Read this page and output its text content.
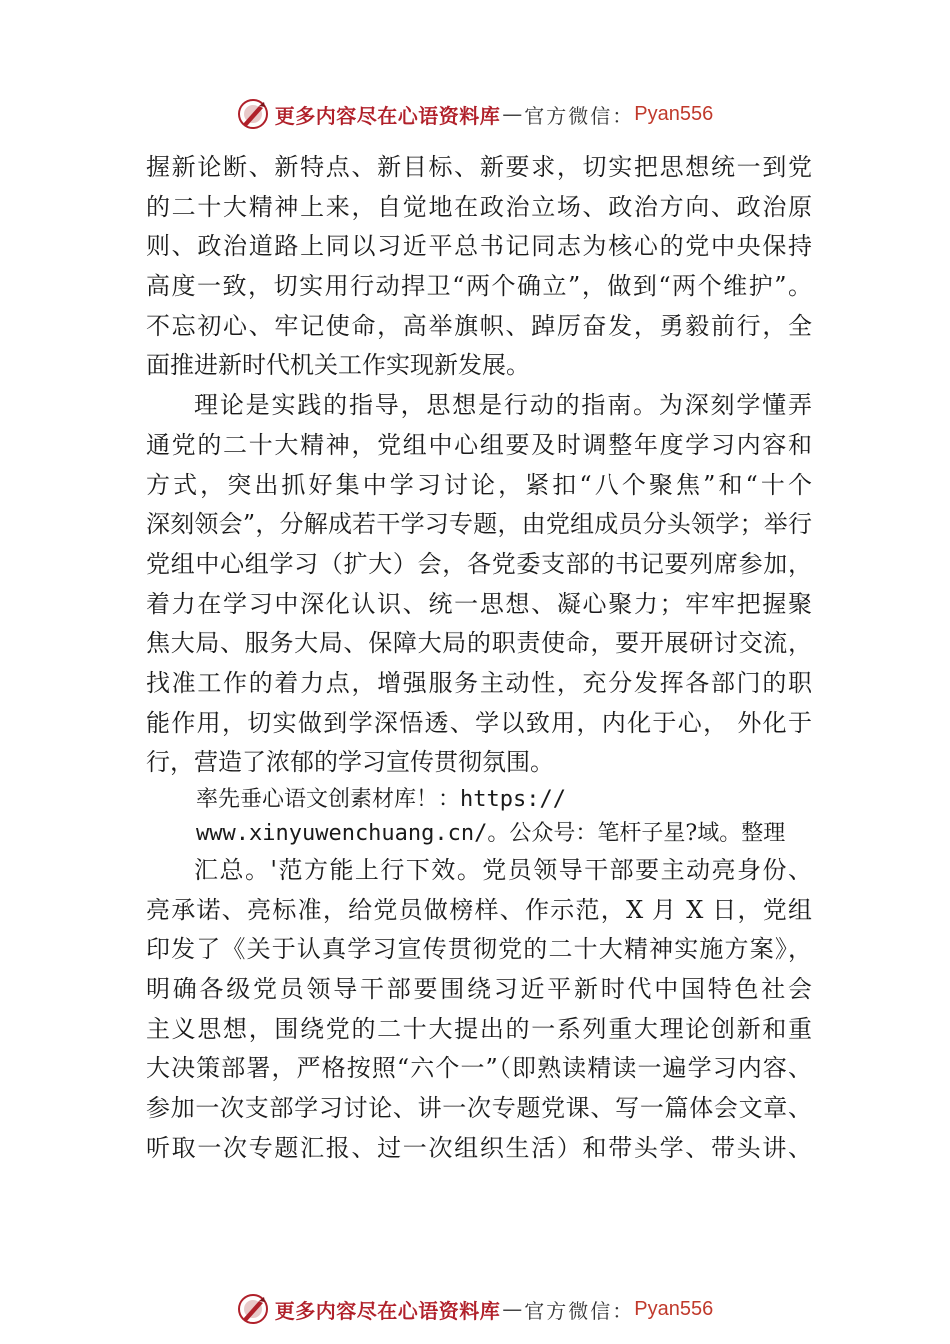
更多内容尽在心语资料库 — 官方微信： Pyan556
握新论断、新特点、新目标、新要求，切实把思想统一到党
的二十大精神上来，自觉地在政治立场、政治方向、政治原
则、政治道路上同以习近平总书记同志为核心的党中央保持
高度一致，切实用行动捍卫“两个确立”，做到“两个维护”。
不忘初心、牢记使命，高举旗帜、踔厉奋发，勇毅前行，全
面推进新时代机关工作实现新发展。
理论是实践的指导，思想是行动的指南。为深刻学懂弄
通党的二十大精神，党组中心组要及时调整年度学习内容和
方式，突出抓好集中学习讨论，紧扣“八个聚焦”和“十个
深刻领会”，分解成若干学习专题，由党组成员分头领学；举行
党组中心组学习（扩大）会，各党委支部的书记要列席参加，
着力在学习中深化认识、统一思想、凝心聚力；牢牢把握聚
焦大局、服务大局、保障大局的职责使命，要开展研讨交流，
找准工作的着力点，增强服务主动性，充分发挥各部门的职
能作用，切实做到学深悟透、学以致用，内化于心， 外化于
行，营造了浓郁的学习宣传贯彻氛围。
率先垂心语文创素材库！：https://
www.xinyuwenchuang.cn/。公众号：笔杆子星?域。整理
汇总。'范方能上行下效。党员领导干部要主动亮身份、
亮承诺、亮标准，给党员做榜样、作示范，X 月 X 日，党组
印发了《关于认真学习宣传贯彻党的二十大精神实施方案》，
明确各级党员领导干部要围绕习近平新时代中国特色社会
主义思想，围绕党的二十大提出的一系列重大理论创新和重
大决策部署，严格按照“六个一”（即熟读精读一遍学习内容、
参加一次支部学习讨论、讲一次专题党课、写一篇体会文章、
听取一次专题汇报、过一次组织生活）和带头学、带头讲、
更多内容尽在心语资料库 — 官方微信： Pyan556
